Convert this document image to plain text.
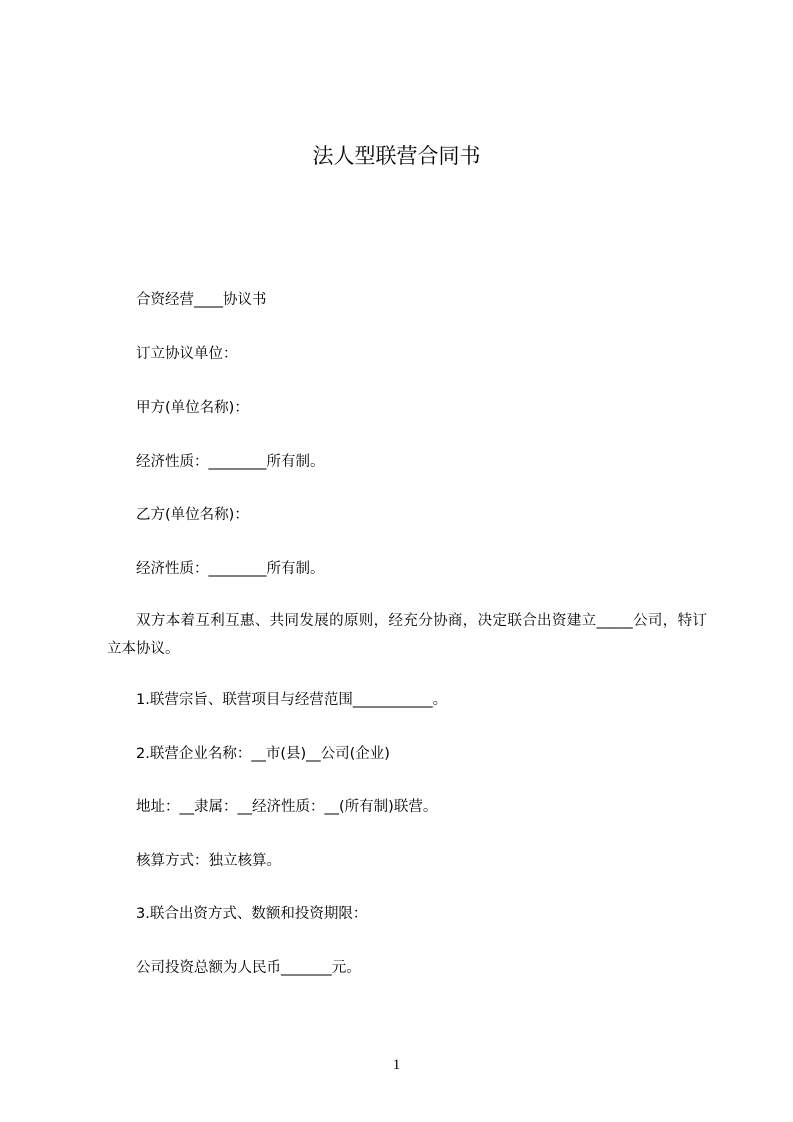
法人型联营合同书

合资经营____协议书

订立协议单位：

甲方(单位名称)：

经济性质：________所有制。

乙方(单位名称)：

经济性质：________所有制。

双方本着互利互惠、共同发展的原则，经充分协商，决定联合出资建立_____公司，特订立本协议。

1.联营宗旨、联营项目与经营范围___________。

2.联营企业名称：__市(县)__公司(企业)

地址：__隶属：__经济性质：__(所有制)联营。

核算方式：独立核算。

3.联合出资方式、数额和投资期限：

公司投资总额为人民币_______元。

1
